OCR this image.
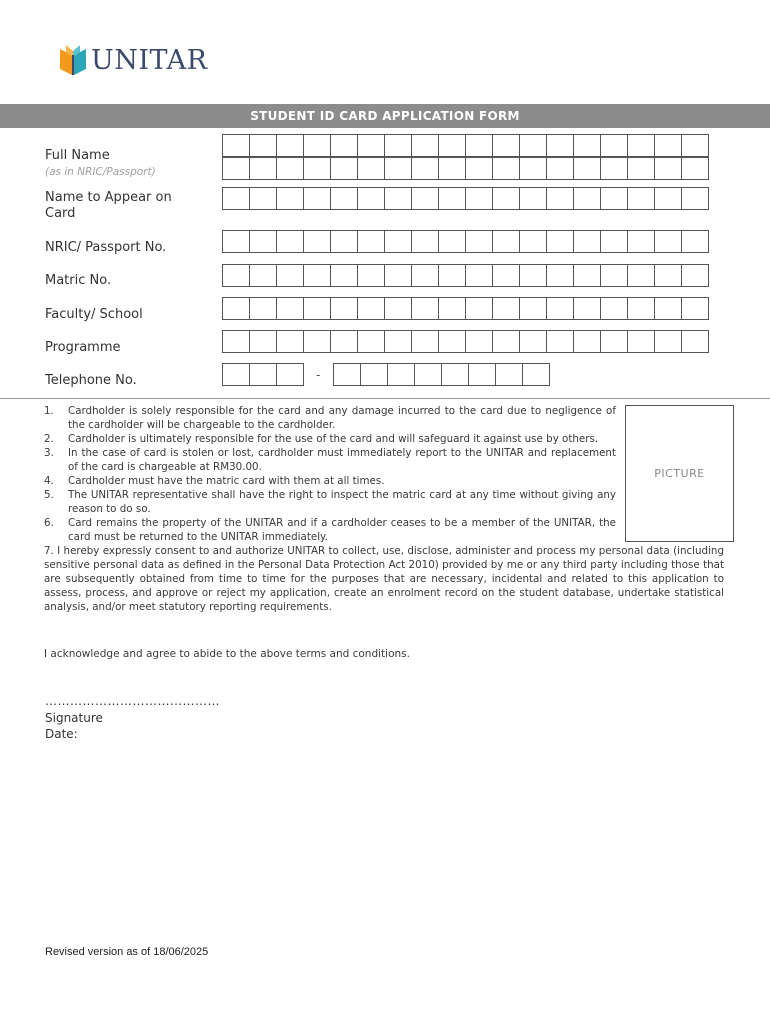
UNITAR
STUDENT ID CARD APPLICATION FORM
Full Name
(as in NRIC/Passport)
Name to Appear on
Card
NRIC/ Passport No.
Matric No.
Faculty/ School
Programme
Telephone No.	-
1.	Cardholder is solely responsible for the card and any damage incurred to the card due to negligence of the cardholder will be chargeable to the cardholder.
2.	Cardholder is ultimately responsible for the use of the card and will safeguard it against use by others.
3.	In the case of card is stolen or lost, cardholder must immediately report to the UNITAR and replacement of the card is chargeable at RM30.00.
4.	Cardholder must have the matric card with them at all times.
5.	The UNITAR representative shall have the right to inspect the matric card at any time without giving any reason to do so.
6.	Card remains the property of the UNITAR and if a cardholder ceases to be a member of the UNITAR, the card must be returned to the UNITAR immediately.
7. I hereby expressly consent to and authorize UNITAR to collect, use, disclose, administer and process my personal data (including sensitive personal data as defined in the Personal Data Protection Act 2010) provided by me or any third party including those that are subsequently obtained from time to time for the purposes that are necessary, incidental and related to this application to assess, process, and approve or reject my application, create an enrolment record on the student database, undertake statistical analysis, and/or meet statutory reporting requirements.
PICTURE
I acknowledge and agree to abide to the above terms and conditions.
……………………………………
Signature
Date:
Revised version as of 18/06/2025
